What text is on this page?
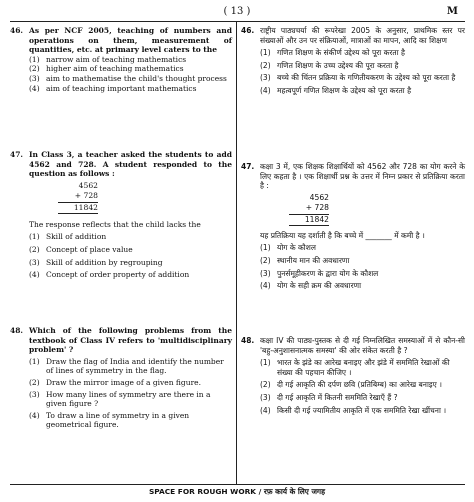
( 13 )	M
46. As per NCF 2005, teaching of numbers and operations on them, measurement of quantities, etc. at primary level caters to the
(1) narrow aim of teaching mathematics
(2) higher aim of teaching mathematics
(3) aim to mathematise the child's thought process
(4) aim of teaching important mathematics
47. In Class 3, a teacher asked the students to add 4562 and 728. A student responded to the question as follows :
4562
+ 728
11842
The response reflects that the child lacks the
(1) Skill of addition
(2) Concept of place value
(3) Skill of addition by regrouping
(4) Concept of order property of addition
48. Which of the following problems from the textbook of Class IV refers to 'multidisciplinary problem' ?
(1) Draw the flag of India and identify the number of lines of symmetry in the flag.
(2) Draw the mirror image of a given figure.
(3) How many lines of symmetry are there in a given figure ?
(4) To draw a line of symmetry in a given geometrical figure.
46. राष्ट्रीय पाठ्यचर्या की रूपरेखा 2005 के अनुसार, प्राथमिक स्तर पर संख्याओं और उन पर संक्रियाओं, मात्राओं का मापन, आदि का शिक्षण
(1) गणित शिक्षण के संकीर्ण उद्देश्य को पूरा करता है
(2) गणित शिक्षण के उच्च उद्देश्य की पूरा करता है
(3) बच्चे की चिंतन प्रक्रिया के गणितीयकरण के उद्देश्य को पूरा करता है
(4) महत्वपूर्ण गणित शिक्षण के उद्देश्य को पूरा करता है
47. कक्षा 3 में, एक शिक्षक शिक्षार्थियों को 4562 और 728 का योग करने के लिए कहता है । एक शिक्षार्थी प्रश्न के उत्तर में निम्न प्रकार से प्रतिक्रिया करता है :
4562
+ 728
11842
यह प्रतिक्रिया यह दर्शाती है कि बच्चे में _______ में कमी है ।
(1) योग के कौशल
(2) स्थानीय मान की अवधारणा
(3) पुनर्समूहीकरण के द्वारा योग के कौशल
(4) योग के सही क्रम की अवधारणा
48. कक्षा IV की पाठ्य-पुस्तक से दी गई निम्नलिखित समस्याओं में से कौन-सी 'बहु-अनुशासनात्मक समस्या' की ओर संकेत करती है ?
(1) भारत के झंडे का आरेख बनाइए और झंडे में सममिति रेखाओं की संख्या की पहचान कीजिए ।
(2) दी गई आकृति की दर्पण छवि (प्रतिबिम्ब) का आरेख बनाइए ।
(3) दी गई आकृति में कितनी सममिति रेखाएँ हैं ?
(4) किसी दी गई ज्यामितीय आकृति में एक सममिति रेखा खींचना ।
SPACE FOR ROUGH WORK / रफ़ कार्य के लिए जगह
